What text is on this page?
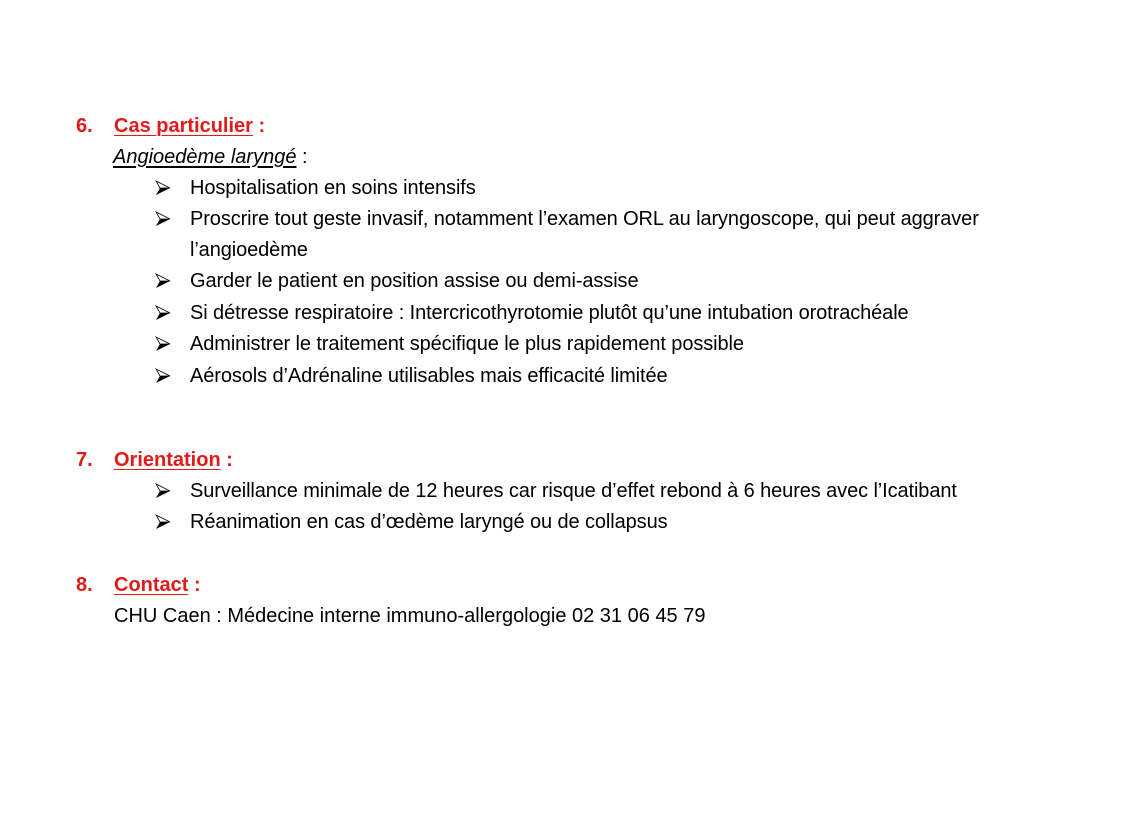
6. Cas particulier :
Angioedème laryngé :
Hospitalisation en soins intensifs
Proscrire tout geste invasif, notamment l’examen ORL au laryngoscope, qui peut aggraver
l’angioedème
Garder le patient en position assise ou demi-assise
Si détresse respiratoire : Intercricothyrotomie plutôt qu’une intubation orotrachéale
Administrer le traitement spécifique le plus rapidement possible
Aérosols d’Adrénaline utilisables mais efficacité limitée
7. Orientation :
Surveillance minimale de 12 heures car risque d’effet rebond à 6 heures avec l’Icatibant
Réanimation en cas d’œdème laryngé ou de collapsus
8. Contact :
CHU Caen : Médecine interne immuno-allergologie 02 31 06 45 79
